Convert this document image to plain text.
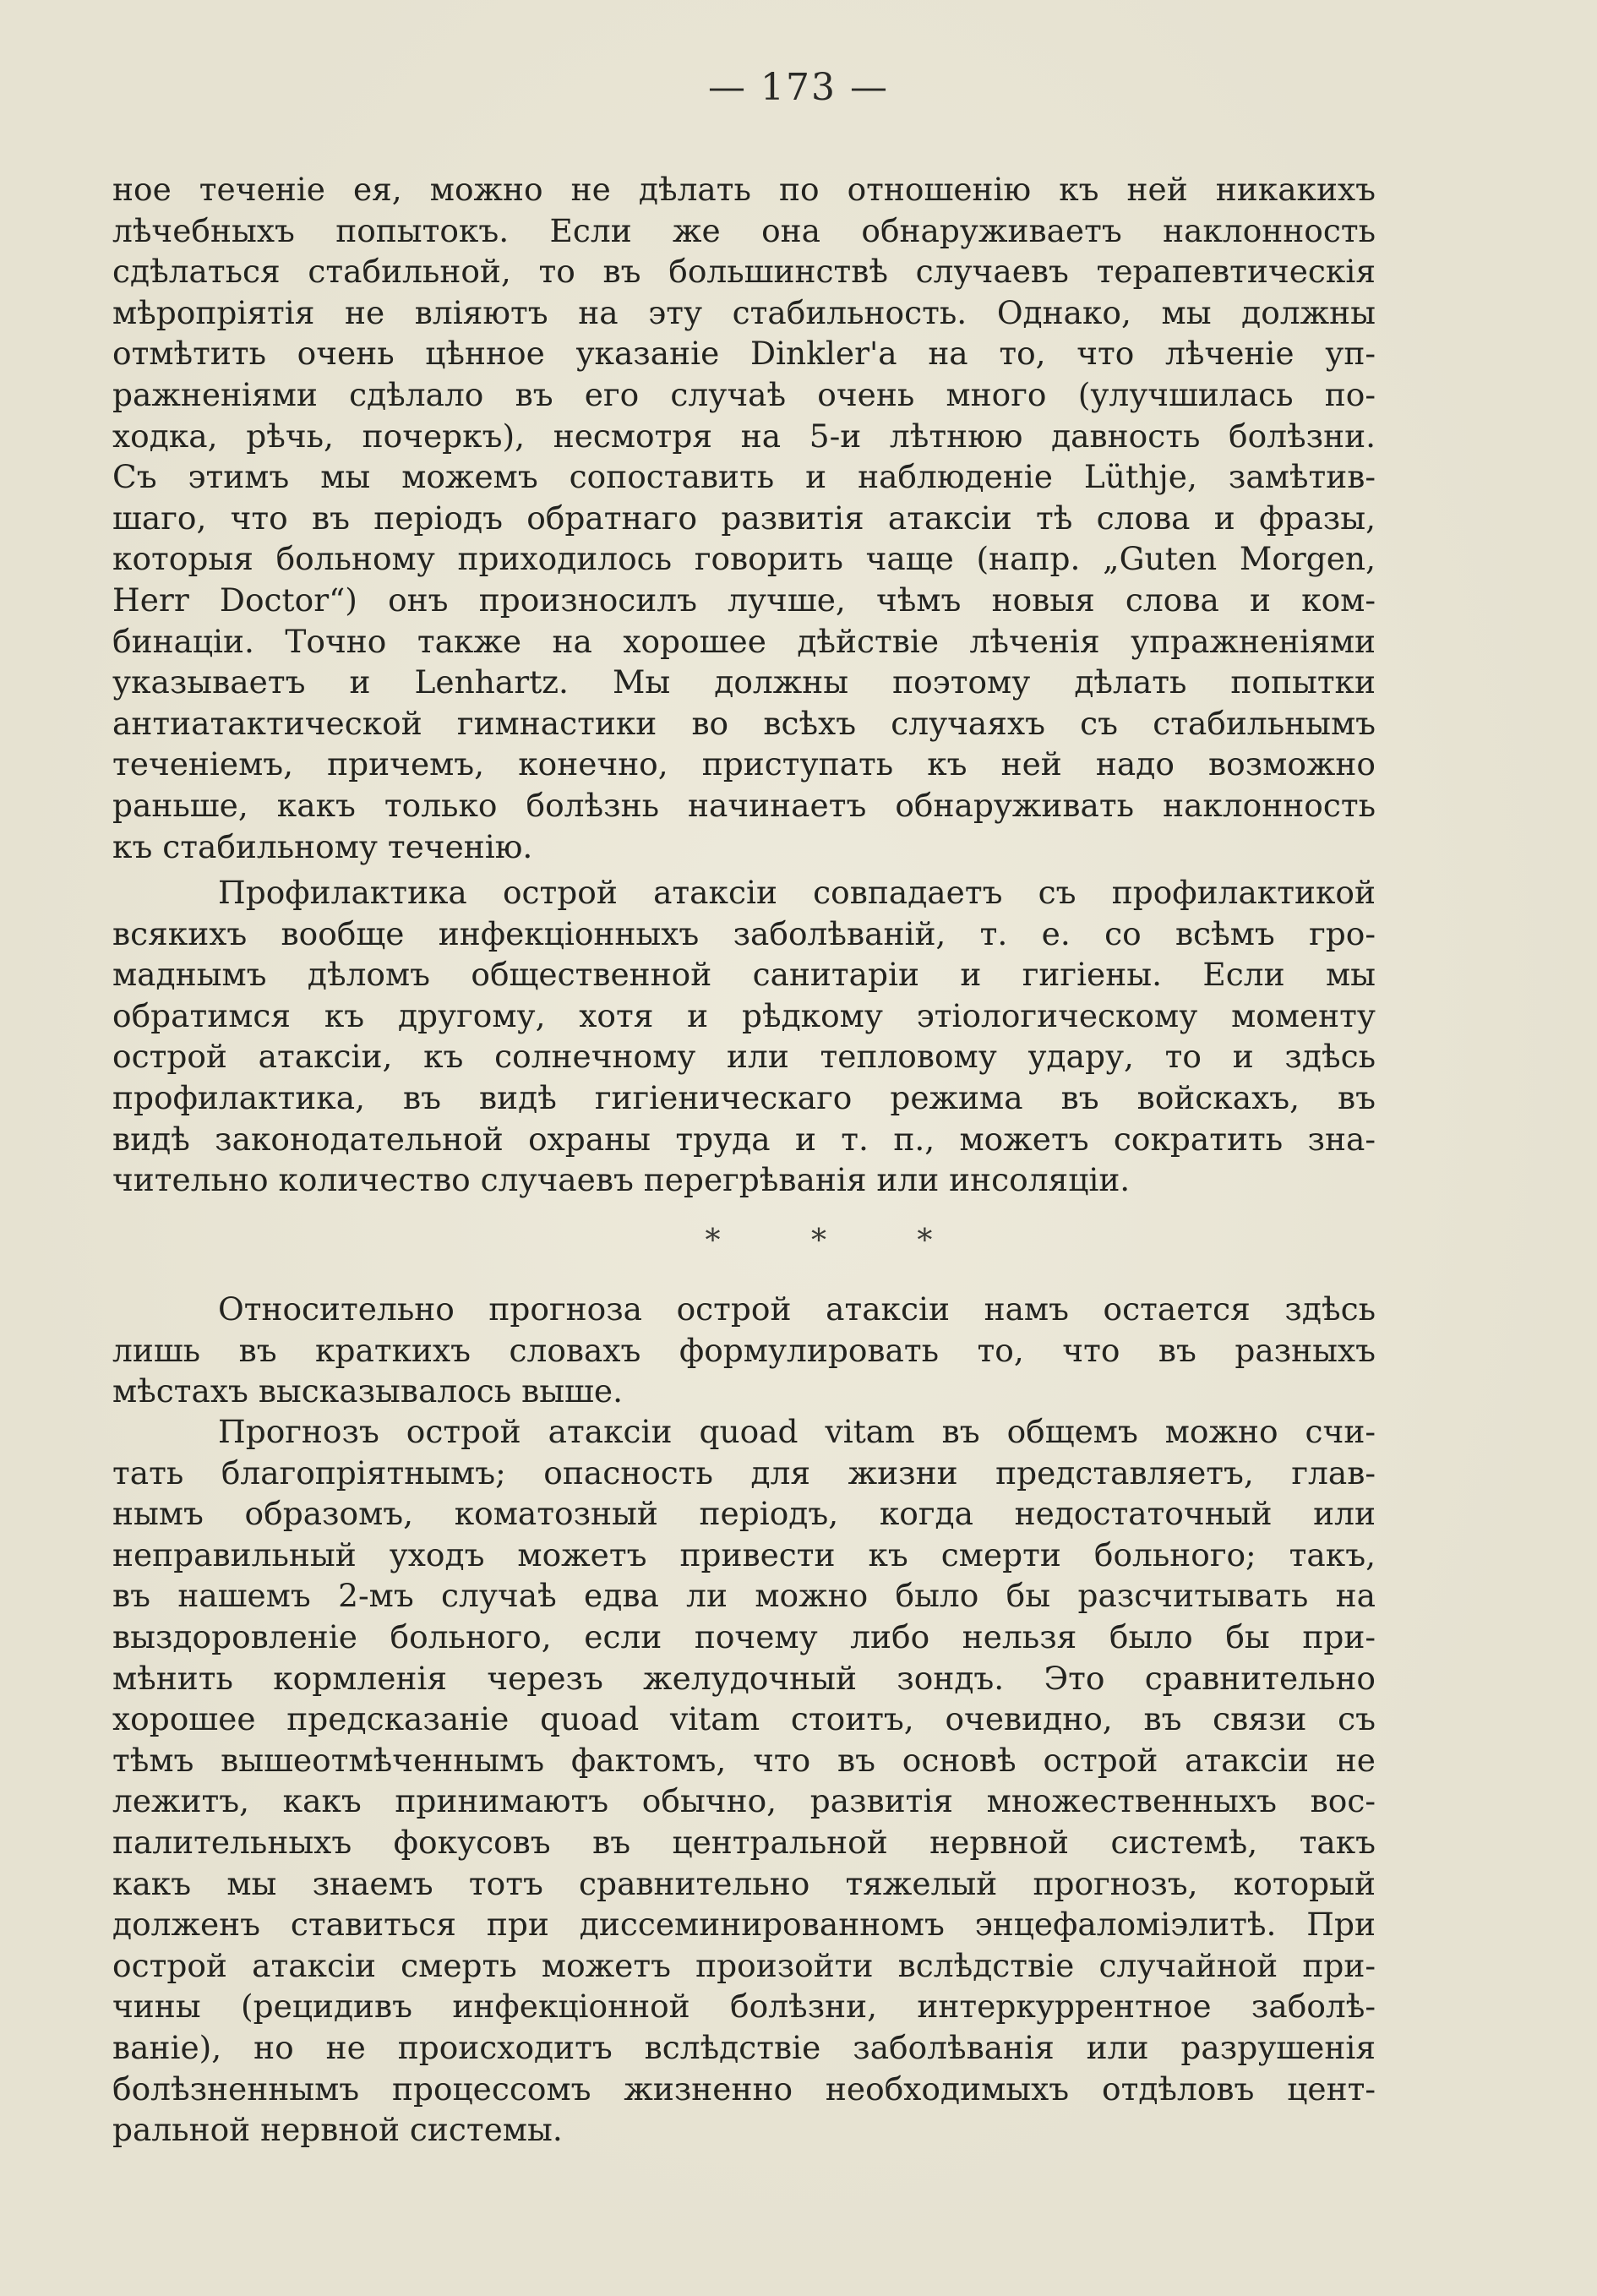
— 173 —
ное теченіе ея, можно не дѣлать по отношенію къ ней никакихъ
лѣчебныхъ попытокъ. Если же она обнаруживаетъ наклонность
сдѣлаться стабильной, то въ большинствѣ случаевъ терапевтическія
мѣропріятія не вліяютъ на эту стабильность. Однако, мы должны
отмѣтить очень цѣнное указаніе Dinkler'а на то, что лѣченіе уп-
ражненіями сдѣлало въ его случаѣ очень много (улучшилась по-
ходка, рѣчь, почеркъ), несмотря на 5-и лѣтнюю давность болѣзни.
Съ этимъ мы можемъ сопоставить и наблюденіе Lüthje, замѣтив-
шаго, что въ періодъ обратнаго развитія атаксіи тѣ слова и фразы,
которыя больному приходилось говорить чаще (напр. „Guten Morgen,
Herr Doctor“) онъ произносилъ лучше, чѣмъ новыя слова и ком-
бинаціи. Точно также на хорошее дѣйствіе лѣченія упражненіями
указываетъ и Lenhartz. Мы должны поэтому дѣлать попытки
антиатактической гимнастики во всѣхъ случаяхъ съ стабильнымъ
теченіемъ, причемъ, конечно, приступать къ ней надо возможно
раньше, какъ только болѣзнь начинаетъ обнаруживать наклонность
къ стабильному теченію.
Профилактика острой атаксіи совпадаетъ съ профилактикой
всякихъ вообще инфекціонныхъ заболѣваній, т. е. со всѣмъ гро-
маднымъ дѣломъ общественной санитаріи и гигіены. Если мы
обратимся къ другому, хотя и рѣдкому этіологическому моменту
острой атаксіи, къ солнечному или тепловому удару, то и здѣсь
профилактика, въ видѣ гигіеническаго режима въ войскахъ, въ
видѣ законодательной охраны труда и т. п., можетъ сократить зна-
чительно количество случаевъ перегрѣванія или инсоляціи.
* * *
Относительно прогноза острой атаксіи намъ остается здѣсь
лишь въ краткихъ словахъ формулировать то, что въ разныхъ
мѣстахъ высказывалось выше.
Прогнозъ острой атаксіи quoad vitam въ общемъ можно счи-
тать благопріятнымъ; опасность для жизни представляетъ, глав-
нымъ образомъ, коматозный періодъ, когда недостаточный или
неправильный уходъ можетъ привести къ смерти больного; такъ,
въ нашемъ 2-мъ случаѣ едва ли можно было бы разсчитывать на
выздоровленіе больного, если почему либо нельзя было бы при-
мѣнить кормленія черезъ желудочный зондъ. Это сравнительно
хорошее предсказаніе quoad vitam стоитъ, очевидно, въ связи съ
тѣмъ вышеотмѣченнымъ фактомъ, что въ основѣ острой атаксіи не
лежитъ, какъ принимаютъ обычно, развитія множественныхъ вос-
палительныхъ фокусовъ въ центральной нервной системѣ, такъ
какъ мы знаемъ тотъ сравнительно тяжелый прогнозъ, который
долженъ ставиться при диссеминированномъ энцефаломіэлитѣ. При
острой атаксіи смерть можетъ произойти вслѣдствіе случайной при-
чины (рецидивъ инфекціонной болѣзни, интеркуррентное заболѣ-
ваніе), но не происходитъ вслѣдствіе заболѣванія или разрушенія
болѣзненнымъ процессомъ жизненно необходимыхъ отдѣловъ цент-
ральной нервной системы.
